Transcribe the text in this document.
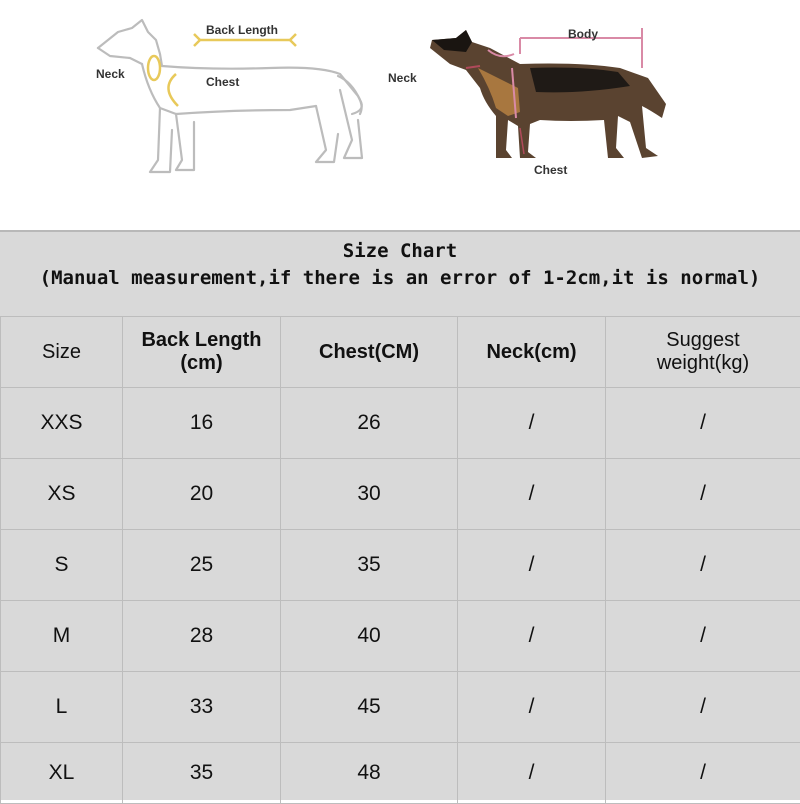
Back Length
Neck
Chest
Body
Neck
Chest
Size Chart
(Manual measurement,if there is an error of 1-2cm,it is normal)
Size	Back Length (cm)	Chest(CM)	Neck(cm)	Suggest weight(kg)
XXS	16	26	/	/
XS	20	30	/	/
S	25	35	/	/
M	28	40	/	/
L	33	45	/	/
XL	35	48	/	/
